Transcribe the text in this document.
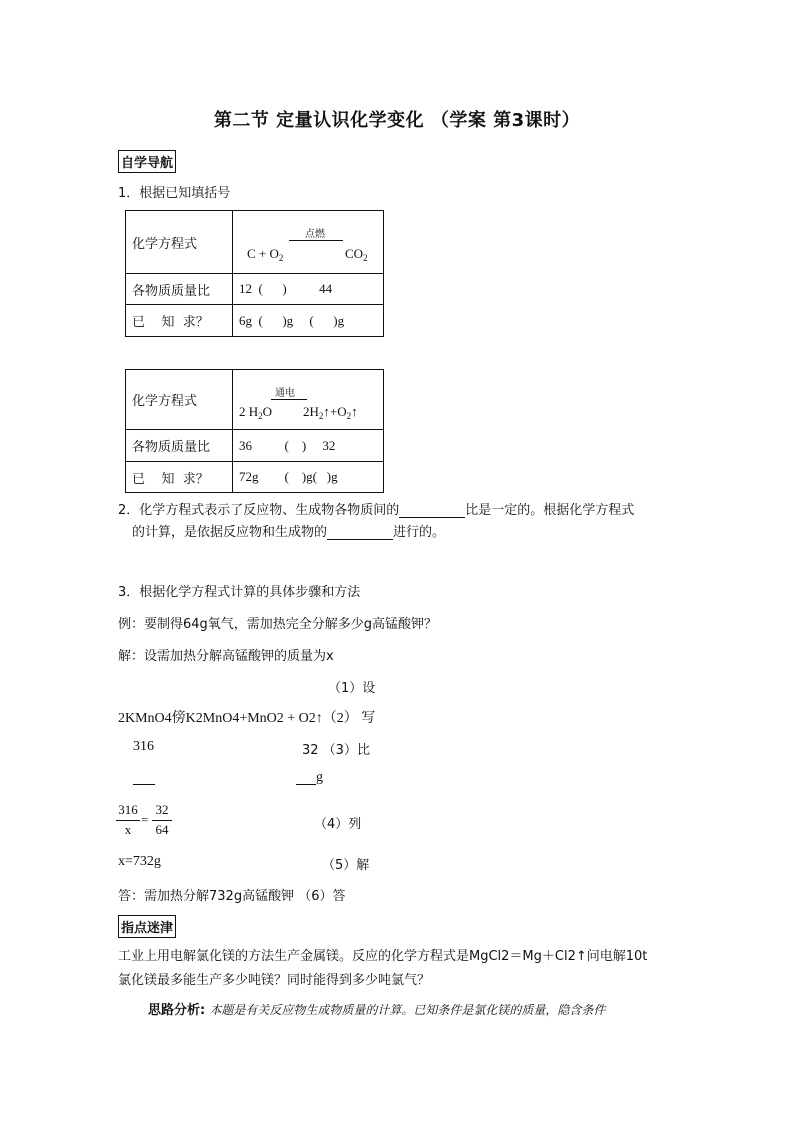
第二节 定量认识化学变化 （学案 第3课时）
自学导航
1．根据已知填括号
化学方程式	点燃
$C + O_2$ $CO_2$

各物质质量比	12  (      )          44
已    知  求？	6g  (      )g     (      )g
化学方程式	通电
2 $H_2O$ $2H_2↑+O_2↑$

各物质质量比	36          (    )     32
已    知  求？	72g        (    )g(   )g
2．化学方程式表示了反应物、生成物各物质间的	比是一定的。根据化学方程式
的计算，是依据反应物和生成物的	进行的。
3．根据化学方程式计算的具体步骤和方法
例：要制得64g氧气，需加热完全分解多少g高锰酸钾？
解：设需加热分解高锰酸钾的质量为x
（1）设
2KMnO4傍K2MnO4+MnO2 + O2↑（2） 写
316	32 （3）比
g
316
x
=
32
64	（4）列
x=732g	（5）解
答：需加热分解732g高锰酸钾 （6）答
指点迷津
工业上用电解氯化镁的方法生产金属镁。反应的化学方程式是MgCl2＝Mg＋Cl2↑问电解10t
氯化镁最多能生产多少吨镁？同时能得到多少吨氯气？
思路分析: 本题是有关反应物生成物质量的计算。已知条件是氯化镁的质量，隐含条件
